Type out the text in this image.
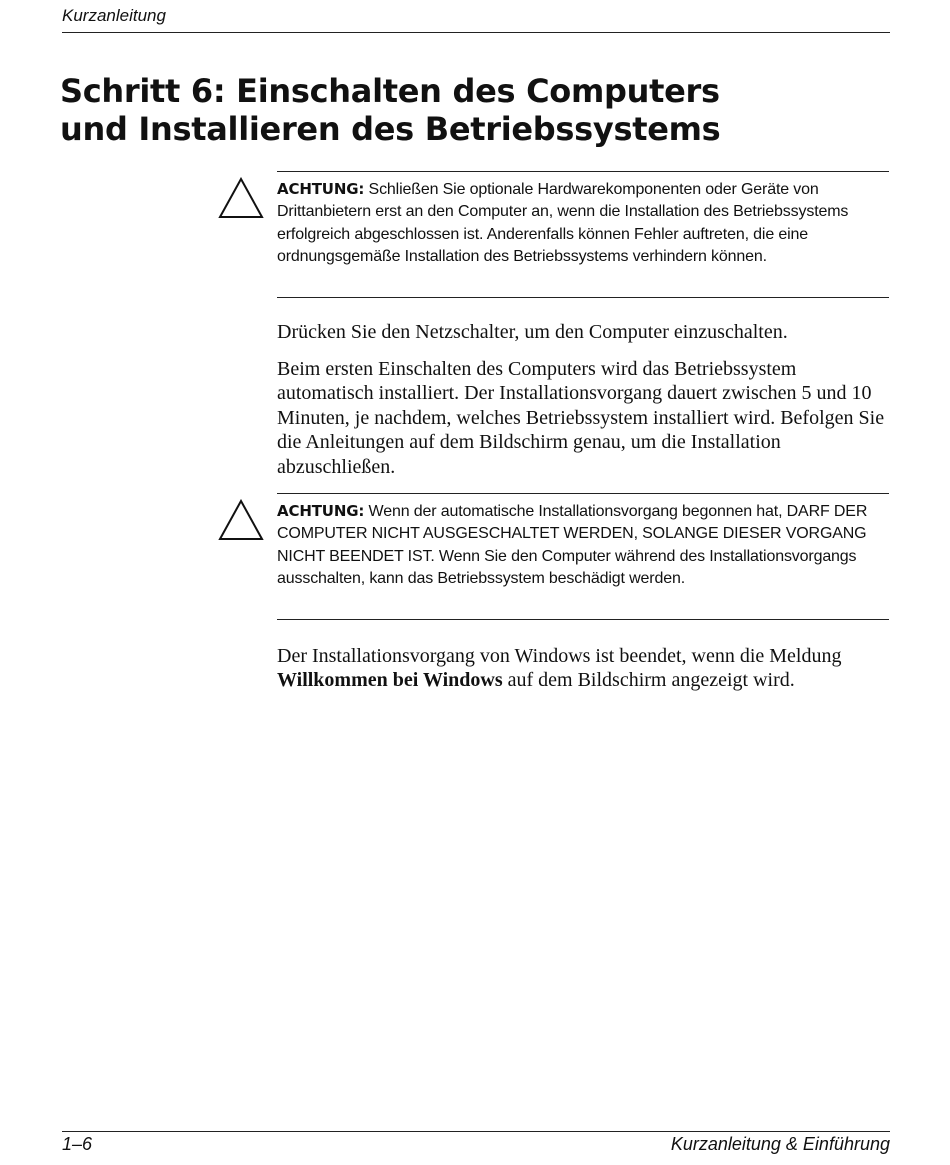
Kurzanleitung
Schritt 6: Einschalten des Computers
und Installieren des Betriebssystems
ACHTUNG: Schließen Sie optionale Hardwarekomponenten oder Geräte von Drittanbietern erst an den Computer an, wenn die Installation des Betriebssystems erfolgreich abgeschlossen ist. Anderenfalls können Fehler auftreten, die eine ordnungsgemäße Installation des Betriebssystems verhindern können.

Drücken Sie den Netzschalter, um den Computer einzuschalten.

Beim ersten Einschalten des Computers wird das Betriebssystem automatisch installiert. Der Installationsvorgang dauert zwischen 5 und 10 Minuten, je nachdem, welches Betriebssystem installiert wird. Befolgen Sie die Anleitungen auf dem Bildschirm genau, um die Installation abzuschließen.

ACHTUNG: Wenn der automatische Installationsvorgang begonnen hat, DARF DER COMPUTER NICHT AUSGESCHALTET WERDEN, SOLANGE DIESER VORGANG NICHT BEENDET IST. Wenn Sie den Computer während des Installationsvorgangs ausschalten, kann das Betriebssystem beschädigt werden.

Der Installationsvorgang von Windows ist beendet, wenn die Meldung Willkommen bei Windows auf dem Bildschirm angezeigt wird.

1–6	Kurzanleitung & Einführung
